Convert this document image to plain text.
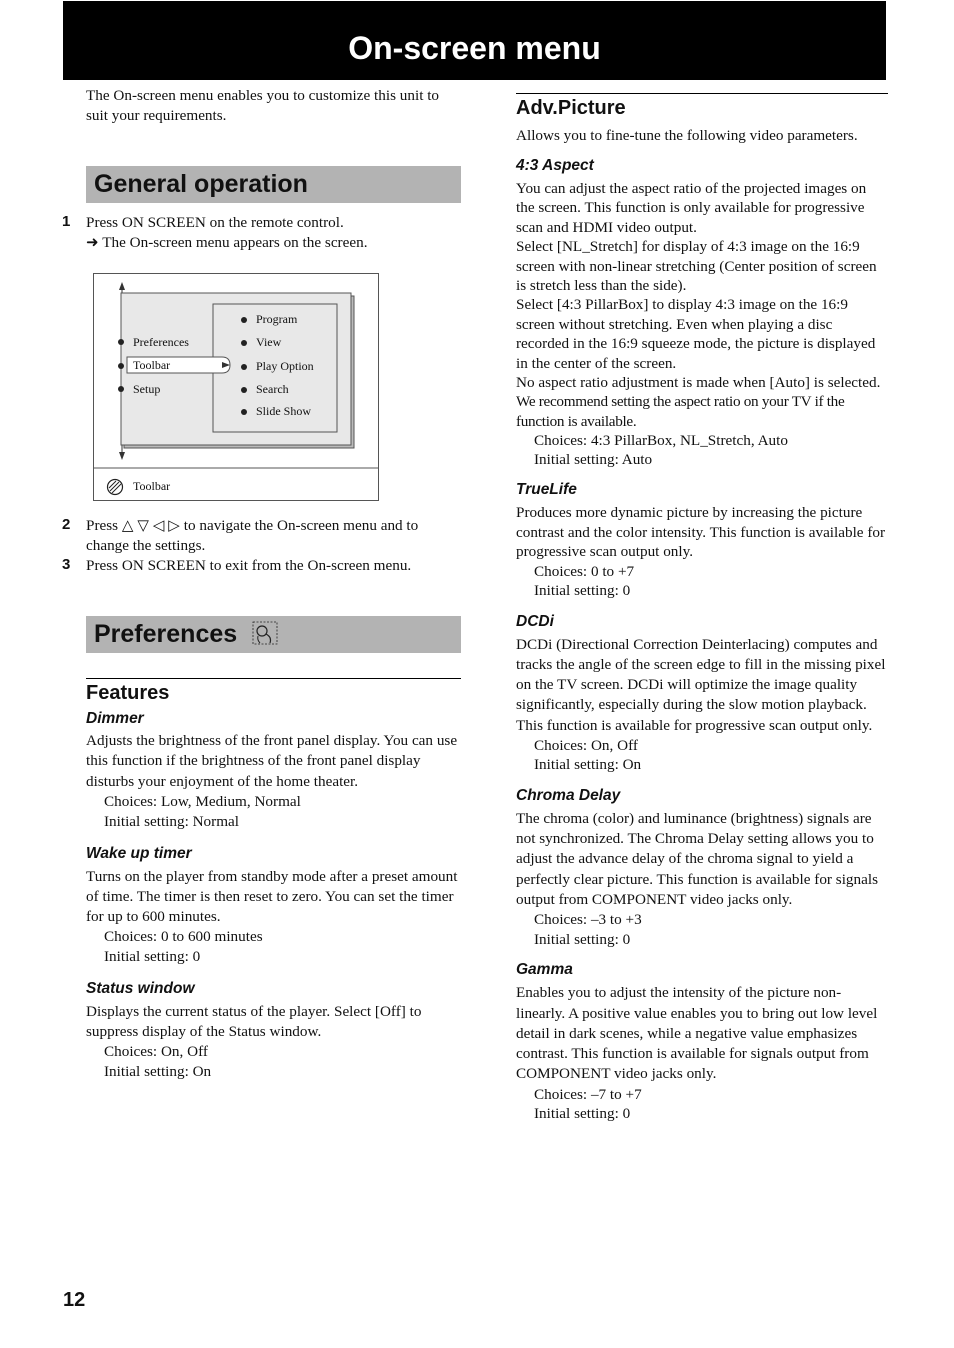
On-screen menu

The On-screen menu enables you to customize this unit to suit your requirements.

General operation
1 Press ON SCREEN on the remote control.

➜ The On-screen menu appears on the screen.

Preferences
Toolbar
Setup
Program
View
Play Option
Search
Slide Show
Toolbar
2 Press △ ▽ ◁ ▷ to navigate the On-screen menu and to change the settings.

3 Press ON SCREEN to exit from the On-screen menu.

Preferences
Features
Dimmer

Adjusts the brightness of the front panel display. You can use this function if the brightness of the front panel display disturbs your enjoyment of the home theater.

Choices: Low, Medium, Normal

Initial setting: Normal

Wake up timer

Turns on the player from standby mode after a preset amount of time. The timer is then reset to zero. You can set the timer for up to 600 minutes.

Choices: 0 to 600 minutes

Initial setting: 0

Status window

Displays the current status of the player. Select [Off] to suppress display of the Status window.

Choices: On, Off

Initial setting: On

Adv.Picture

Allows you to fine-tune the following video parameters.

4:3 Aspect

You can adjust the aspect ratio of the projected images on the screen. This function is only available for progressive scan and HDMI video output.

Select [NL_Stretch] for display of 4:3 image on the 16:9 screen with non-linear stretching (Center position of screen is stretch less than the side).

Select [4:3 PillarBox] to display 4:3 image on the 16:9 screen without stretching. Even when playing a disc recorded in the 16:9 squeeze mode, the picture is displayed in the center of the screen.

No aspect ratio adjustment is made when [Auto] is selected.

We recommend setting the aspect ratio on your TV if the function is available.

Choices: 4:3 PillarBox, NL_Stretch, Auto

Initial setting: Auto

TrueLife

Produces more dynamic picture by increasing the picture contrast and the color intensity. This function is available for progressive scan output only.

Choices: 0 to +7

Initial setting: 0

DCDi

DCDi (Directional Correction Deinterlacing) computes and tracks the angle of the screen edge to fill in the missing pixel on the TV screen. DCDi will optimize the image quality significantly, especially during the slow motion playback. This function is available for progressive scan output only.

Choices: On, Off

Initial setting: On

Chroma Delay

The chroma (color) and luminance (brightness) signals are not synchronized. The Chroma Delay setting allows you to adjust the advance delay of the chroma signal to yield a perfectly clear picture. This function is available for signals output from COMPONENT video jacks only.

Choices: –3 to +3

Initial setting: 0

Gamma

Enables you to adjust the intensity of the picture non-linearly. A positive value enables you to bring out low level detail in dark scenes, while a negative value emphasizes contrast. This function is available for signals output from COMPONENT video jacks only.

Choices: –7 to +7

Initial setting: 0

12
